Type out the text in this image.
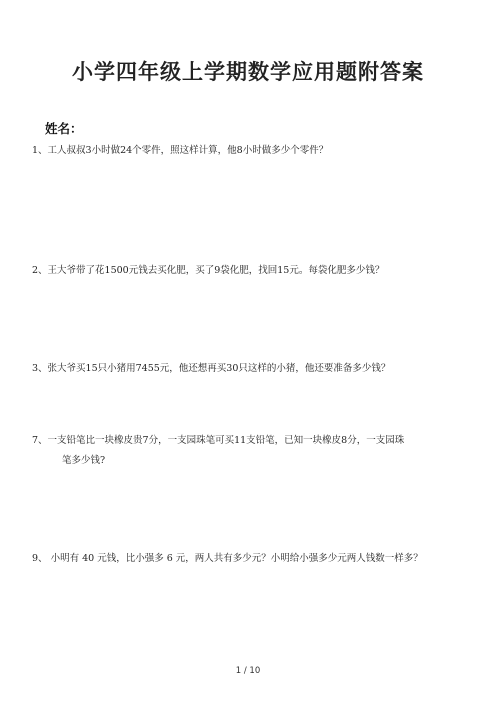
小学四年级上学期数学应用题附答案
姓名：
1、工人叔叔3小时做24个零件，照这样计算，他8小时做多少个零件？
2、王大爷带了花1500元钱去买化肥，买了9袋化肥，找回15元。每袋化肥多少钱？
3、张大爷买15只小猪用7455元，他还想再买30只这样的小猪，他还要准备多少钱？
7、一支铅笔比一块橡皮贵7分，一支园珠笔可买11支铅笔，已知一块橡皮8分，一支园珠
笔多少钱?
9、 小明有 40 元钱，比小强多 6 元，两人共有多少元？小明给小强多少元两人钱数一样多？
1 / 10
